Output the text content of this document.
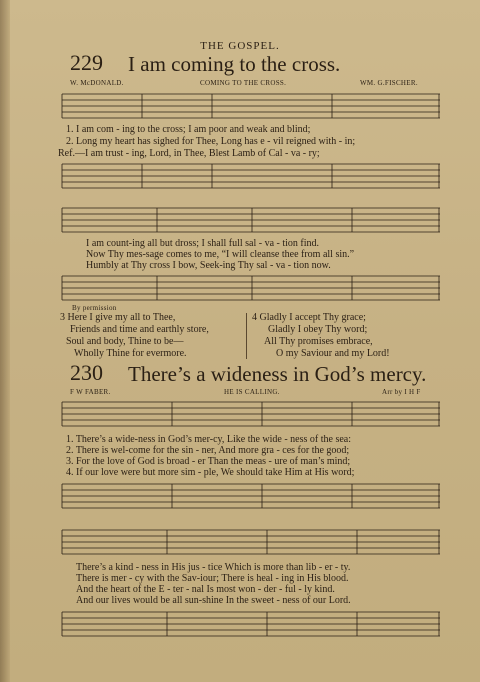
THE GOSPEL.
229 I am coming to the cross.
W. McDONALD.	COMING TO THE CROSS.	WM. G.FISCHER.
1. I am com - ing to the cross; I am poor and weak and blind;
2. Long my heart has sighed for Thee, Long has e - vil reigned with - in;
Ref.—I am trust - ing, Lord, in Thee, Blest Lamb of Cal - va - ry;
I am count-ing all but dross; I shall full sal - va - tion find.
Now Thy mes-sage comes to me, “I will cleanse thee from all sin.”
Humbly at Thy cross I bow, Seek-ing Thy sal - va - tion now.
By permission
3 Here I give my all to Thee,
Friends and time and earthly store,
Soul and body, Thine to be—
Wholly Thine for evermore.
4 Gladly I accept Thy grace;
Gladly I obey Thy word;
All Thy promises embrace,
O my Saviour and my Lord!
230 There’s a wideness in God’s mercy.
F W FABER.	HE IS CALLING.	Arr by I H F
1. There’s a wide-ness in God’s mer-cy, Like the wide - ness of the sea:
2. There is wel-come for the sin - ner, And more gra - ces for the good;
3. For the love of God is broad - er Than the meas - ure of man’s mind;
4. If our love were but more sim - ple, We should take Him at His word;
There’s a kind - ness in His jus - tice Which is more than lib - er - ty.
There is mer - cy with the Sav-iour; There is heal - ing in His blood.
And the heart of the E - ter - nal Is most won - der - ful - ly kind.
And our lives would be all sun-shine In the sweet - ness of our Lord.
